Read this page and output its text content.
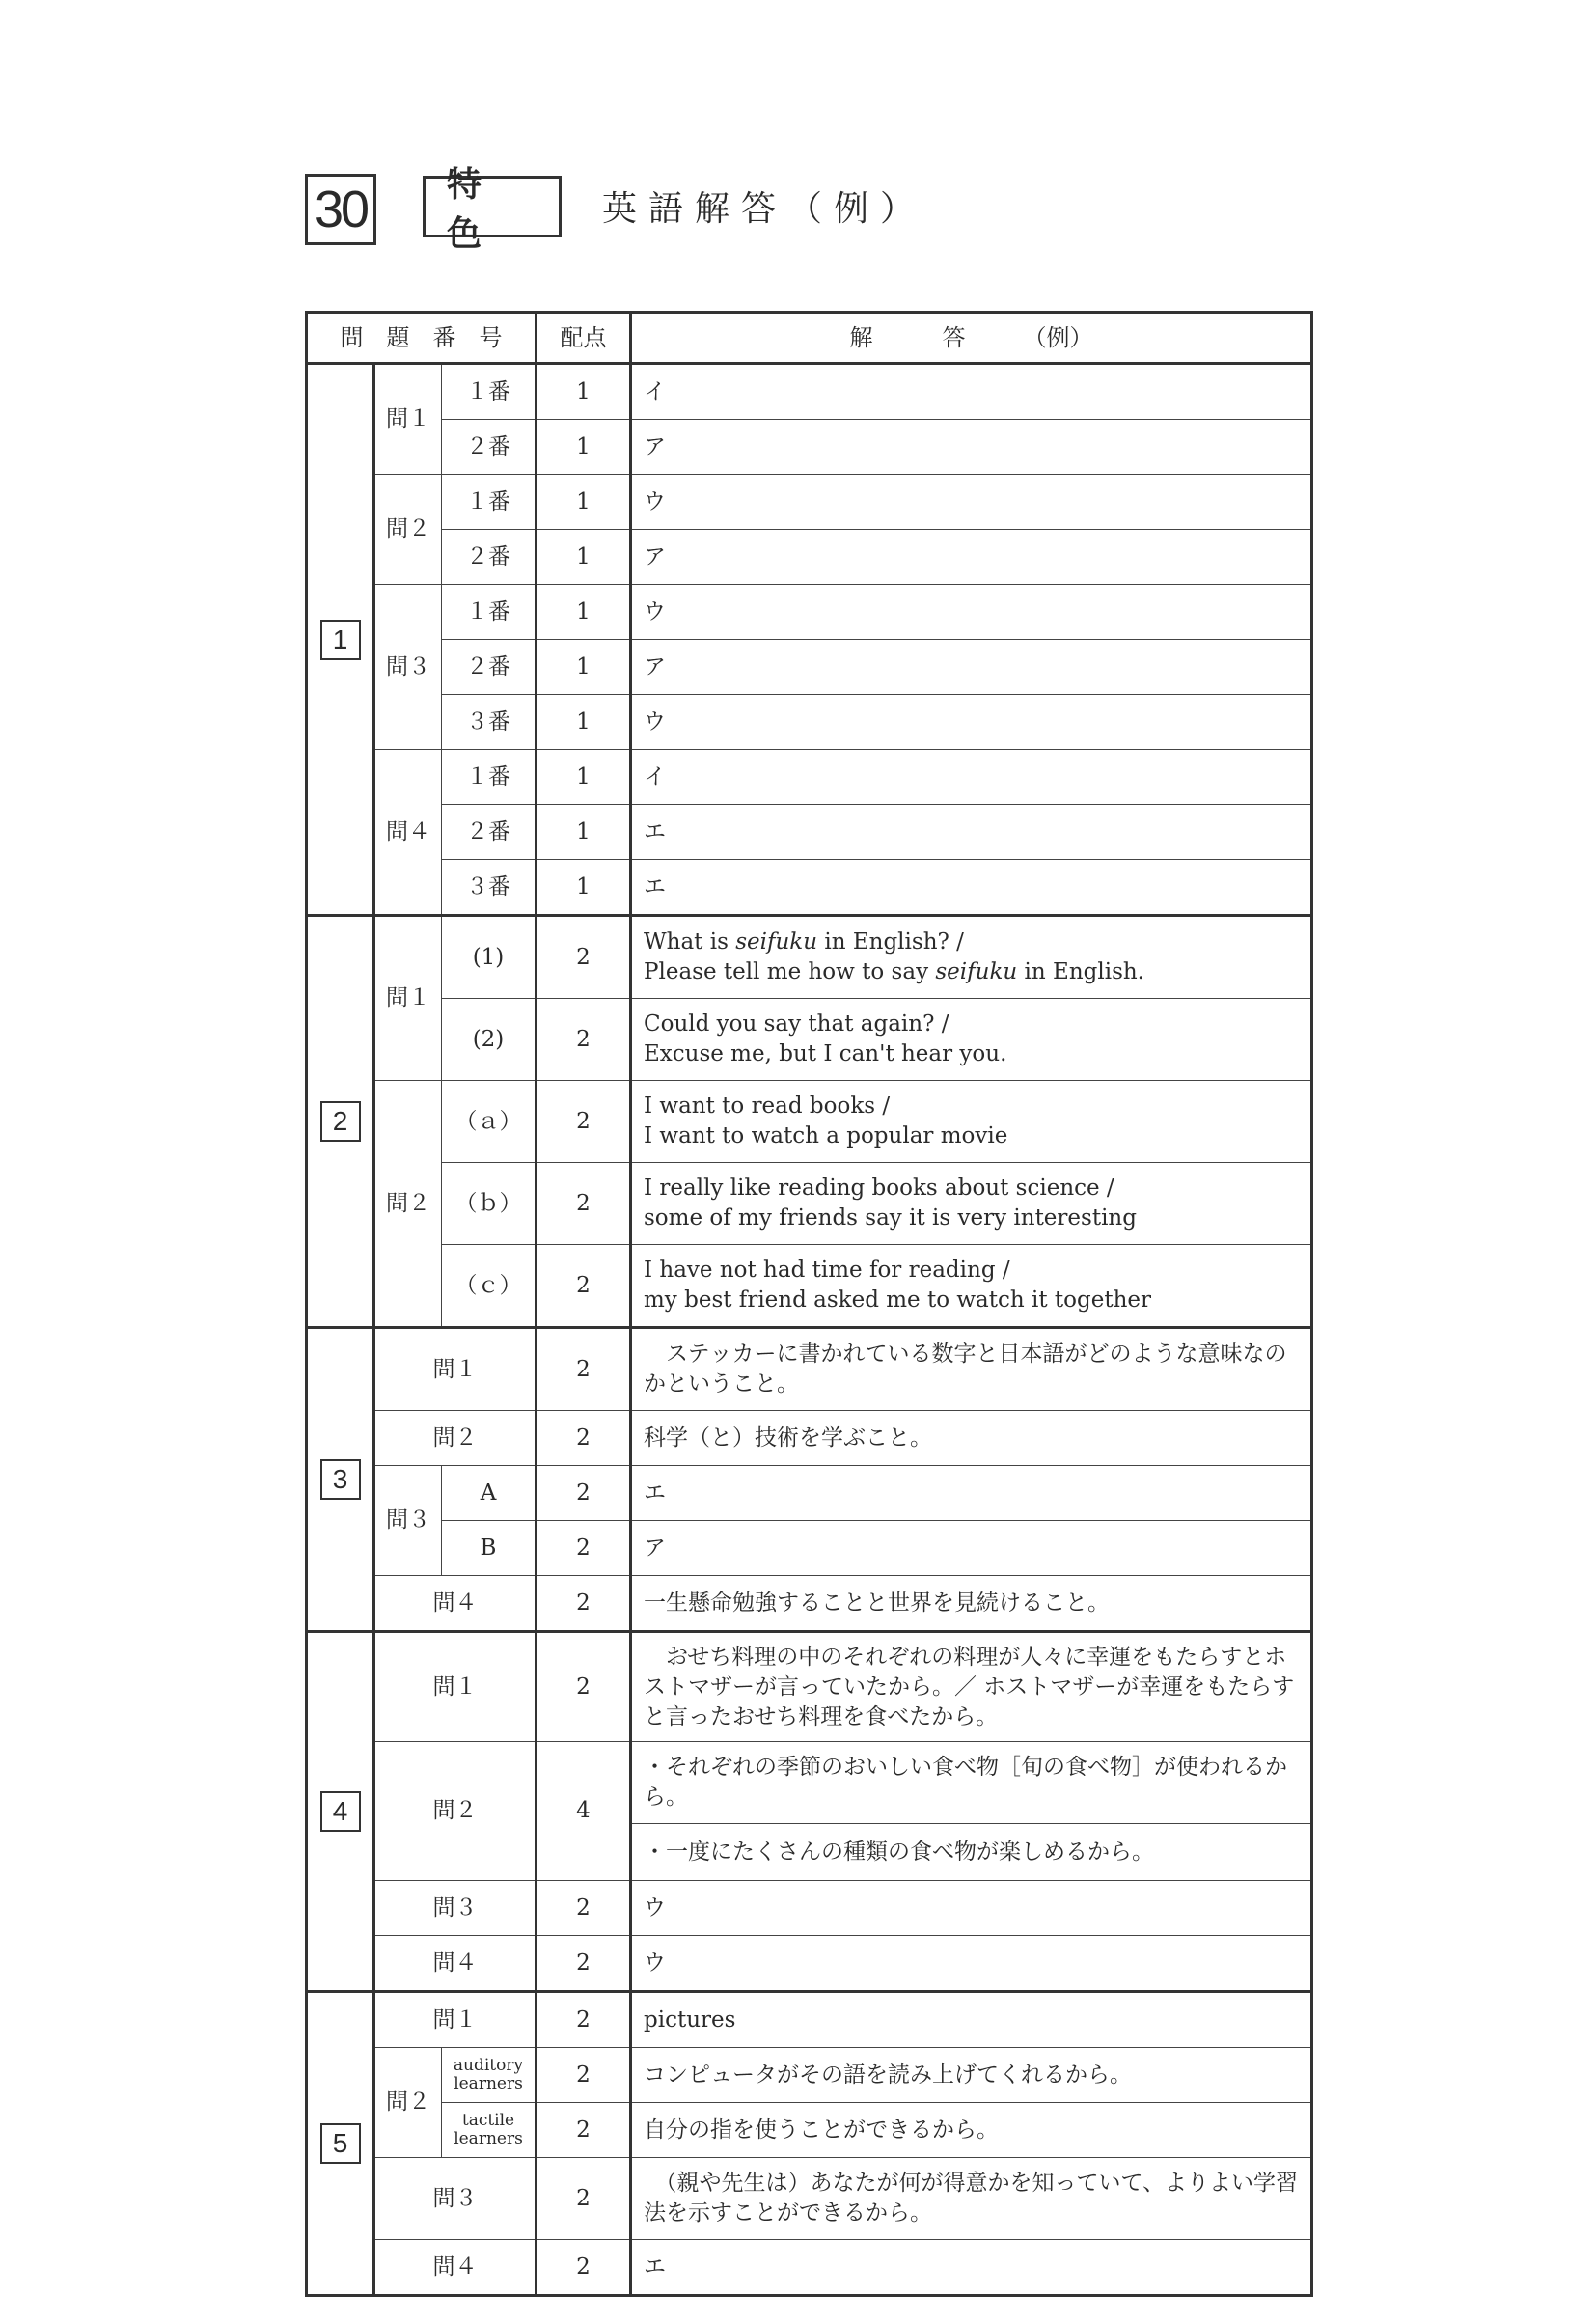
30	特色
英語解答（例）
問　題　番　号			配点	解　　　答　　　（例）
1	問１	１番	1	イ
		２番	1	ア
	問２	１番	1	ウ
		２番	1	ア
	問３	１番	1	ウ
		２番	1	ア
		３番	1	ウ
	問４	１番	1	イ
		２番	1	エ
		３番	1	エ
2	問１	(1)	2	What is seifuku in English? /
Please tell me how to say seifuku in English.

		(2)	2	Could you say that again? /
Excuse me, but I can't hear you.

	問２	（ａ）	2	I want to read books /
I want to watch a popular movie

		（ｂ）	2	I really like reading books about science /
some of my friends say it is very interesting

		（ｃ）	2	I have not had time for reading /
my best friend asked me to watch it together

3	問１		2	　ステッカーに書かれている数字と日本語がどのような意味なのかということ。
	問２		2	科学（と）技術を学ぶこと。
	問３	A	2	エ
		B	2	ア
	問４		2	一生懸命勉強することと世界を見続けること。
4	問１		2	　おせち料理の中のそれぞれの料理が人々に幸運をもたらすとホストマザーが言っていたから。／ ホストマザーが幸運をもたらすと言ったおせち料理を食べたから。
	問２		4	・それぞれの季節のおいしい食べ物［旬の食べ物］が使われるから。
				・一度にたくさんの種類の食べ物が楽しめるから。
	問３		2	ウ
	問４		2	ウ
5	問１		2	pictures
	問２	auditory
learners	2	コンピュータがその語を読み上げてくれるから。

		tactile
learners	2	自分の指を使うことができるから。
	問３		2	　（親や先生は）あなたが何が得意かを知っていて、よりよい学習法を示すことができるから。
	問４		2	エ
